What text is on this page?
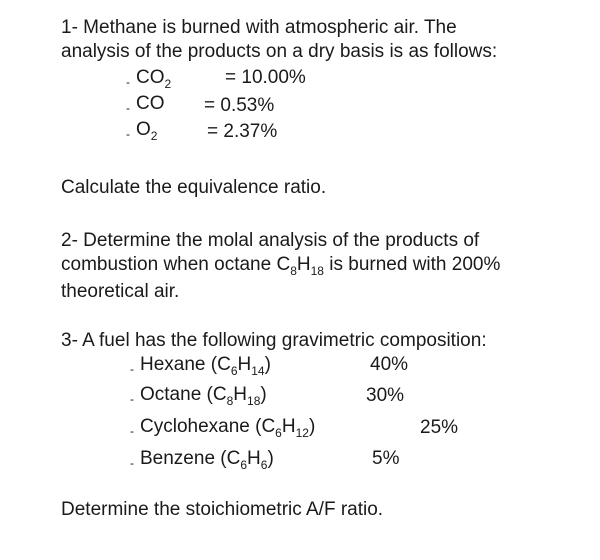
1- Methane is burned with atmospheric air. The
analysis of the products on a dry basis is as follows:
- $CO_2$	= 10.00%
- CO = 0.53%
- $O_2$	= 2.37%
Calculate the equivalence ratio.
2- Determine the molal analysis of the products of
combustion when octane $C_8H_{18}$ is burned with 200%
theoretical air.
3- A fuel has the following gravimetric composition:
- Hexane $(C_6H_{14})$	40%
- Octane $(C_8H_{18})$	30%
- Cyclohexane $(C_6H_{12})$	25%
- Benzene $(C_6H_6)$	5%
Determine the stoichiometric A/F ratio.
